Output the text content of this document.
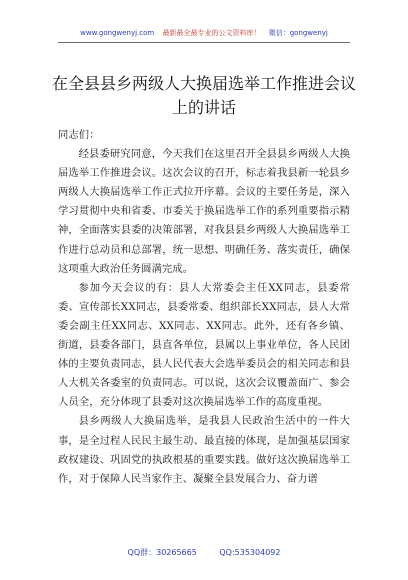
www.gongwenyj.com 最新最全最专业的公文资料库！ 微信：gongwenyj
在全县县乡两级人大换届选举工作推进会议上的讲话

同志们：

经县委研究同意，今天我们在这里召开全县县乡两级人大换届选举工作推进会议。这次会议的召开，标志着我县新一轮县乡两级人大换届选举工作正式拉开序幕。会议的主要任务是，深入学习贯彻中央和省委、市委关于换届选举工作的系列重要指示精神，全面落实县委的决策部署，对我县县乡两级人大换届选举工作进行总动员和总部署，统一思想、明确任务、落实责任，确保这项重大政治任务圆满完成。

参加今天会议的有：县人大常委会主任XX同志，县委常委、宣传部长XX同志，县委常委、组织部长XX同志，县人大常委会副主任XX同志、XX同志、XX同志。此外，还有各乡镇、街道，县委各部门，县直各单位，县属以上事业单位，各人民团体的主要负责同志，县人民代表大会选举委员会的相关同志和县人大机关各委室的负责同志。可以说，这次会议覆盖面广、参会人员全，充分体现了县委对这次换届选举工作的高度重视。

县乡两级人大换届选举，是我县人民政治生活中的一件大事，是全过程人民民主最生动、最直接的体现，是加强基层国家政权建设、巩固党的执政根基的重要实践。做好这次换届选举工作，对于保障人民当家作主、凝聚全县发展合力、奋力谱

QQ群：30265665	QQ:535304092
